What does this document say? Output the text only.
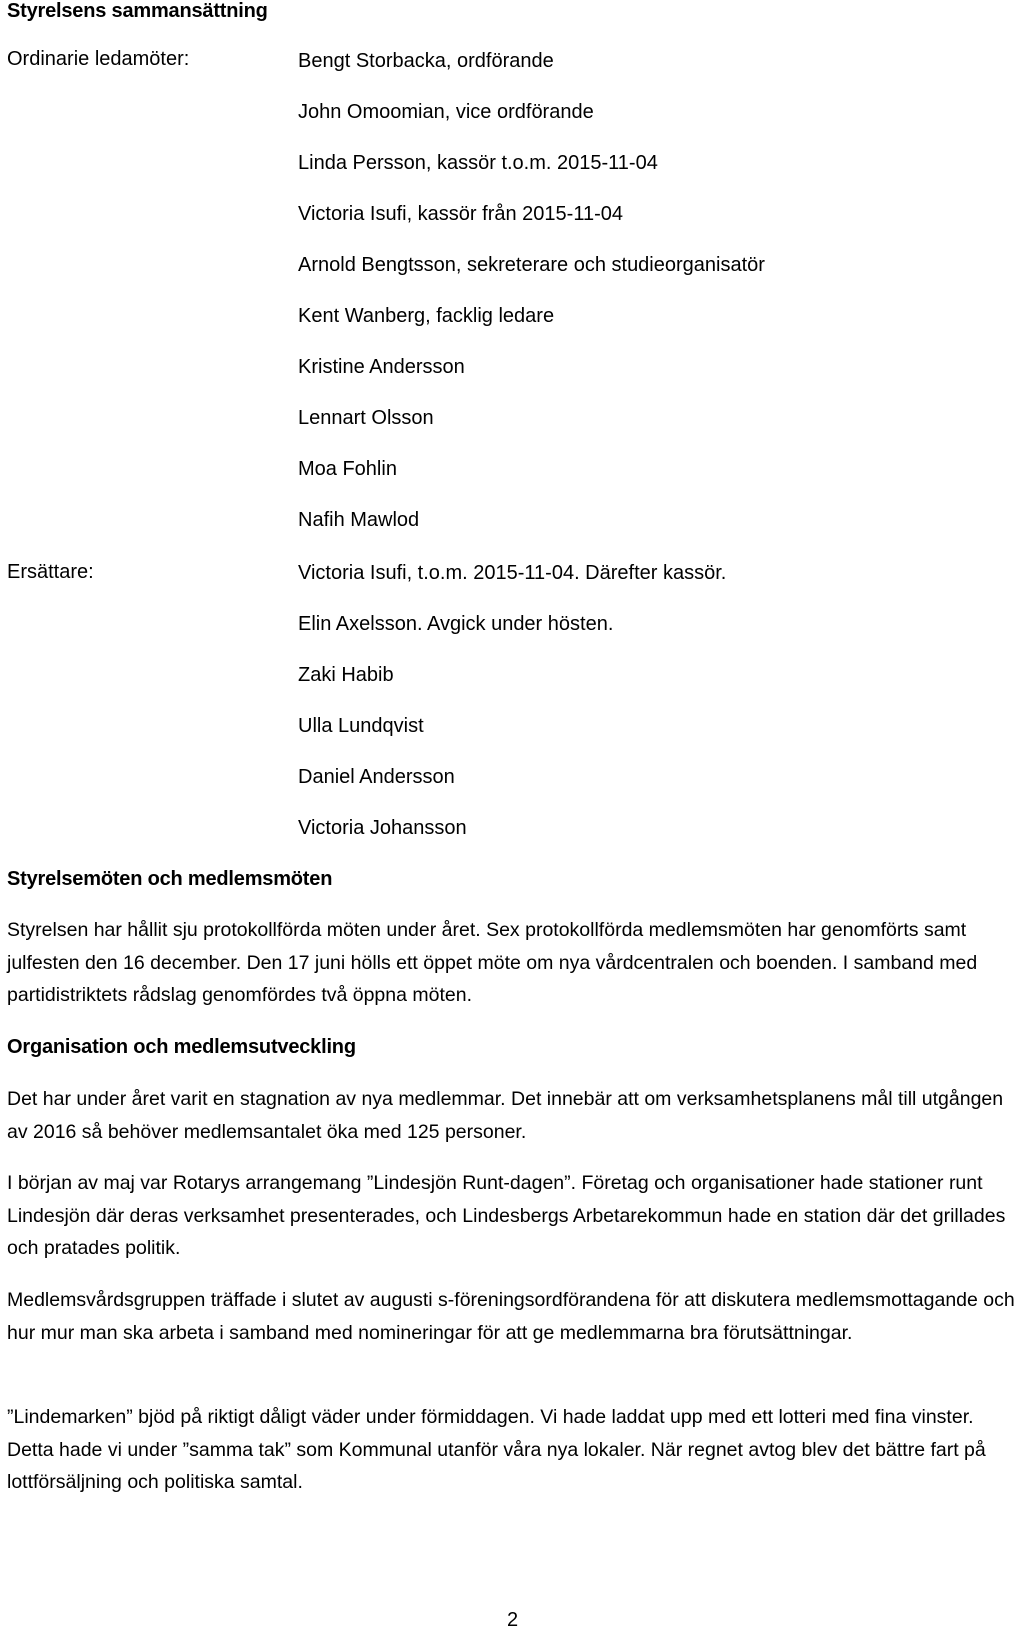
Styrelsens sammansättning
Ordinarie ledamöter:	Bengt Storbacka, ordförande
John Omoomian, vice ordförande
Linda Persson, kassör t.o.m. 2015-11-04
Victoria Isufi, kassör från 2015-11-04
Arnold Bengtsson, sekreterare och studieorganisatör
Kent Wanberg, facklig ledare
Kristine Andersson
Lennart Olsson
Moa Fohlin
Nafih Mawlod
Ersättare:	Victoria Isufi, t.o.m. 2015-11-04. Därefter kassör.
Elin Axelsson. Avgick under hösten.
Zaki Habib
Ulla Lundqvist
Daniel Andersson
Victoria Johansson
Styrelsemöten och medlemsmöten

Styrelsen har hållit sju protokollförda möten under året. Sex protokollförda medlemsmöten har genomförts samt julfesten den 16 december. Den 17 juni hölls ett öppet möte om nya vårdcentralen och boenden. I samband med partidistriktets rådslag genomfördes två öppna möten.

Organisation och medlemsutveckling

Det har under året varit en stagnation av nya medlemmar. Det innebär att om verksamhetsplanens mål till utgången av 2016 så behöver medlemsantalet öka med 125 personer.

I början av maj var Rotarys arrangemang ”Lindesjön Runt-dagen”. Företag och organisationer hade stationer runt Lindesjön där deras verksamhet presenterades, och Lindesbergs Arbetarekommun hade en station där det grillades och pratades politik.

Medlemsvårdsgruppen träffade i slutet av augusti s-föreningsordförandena för att diskutera medlemsmottagande och hur mur man ska arbeta i samband med nomineringar för att ge medlemmarna bra förutsättningar.

”Lindemarken” bjöd på riktigt dåligt väder under förmiddagen. Vi hade laddat upp med ett lotteri med fina vinster. Detta hade vi under ”samma tak” som Kommunal utanför våra nya lokaler. När regnet avtog blev det bättre fart på lottförsäljning och politiska samtal.

2
